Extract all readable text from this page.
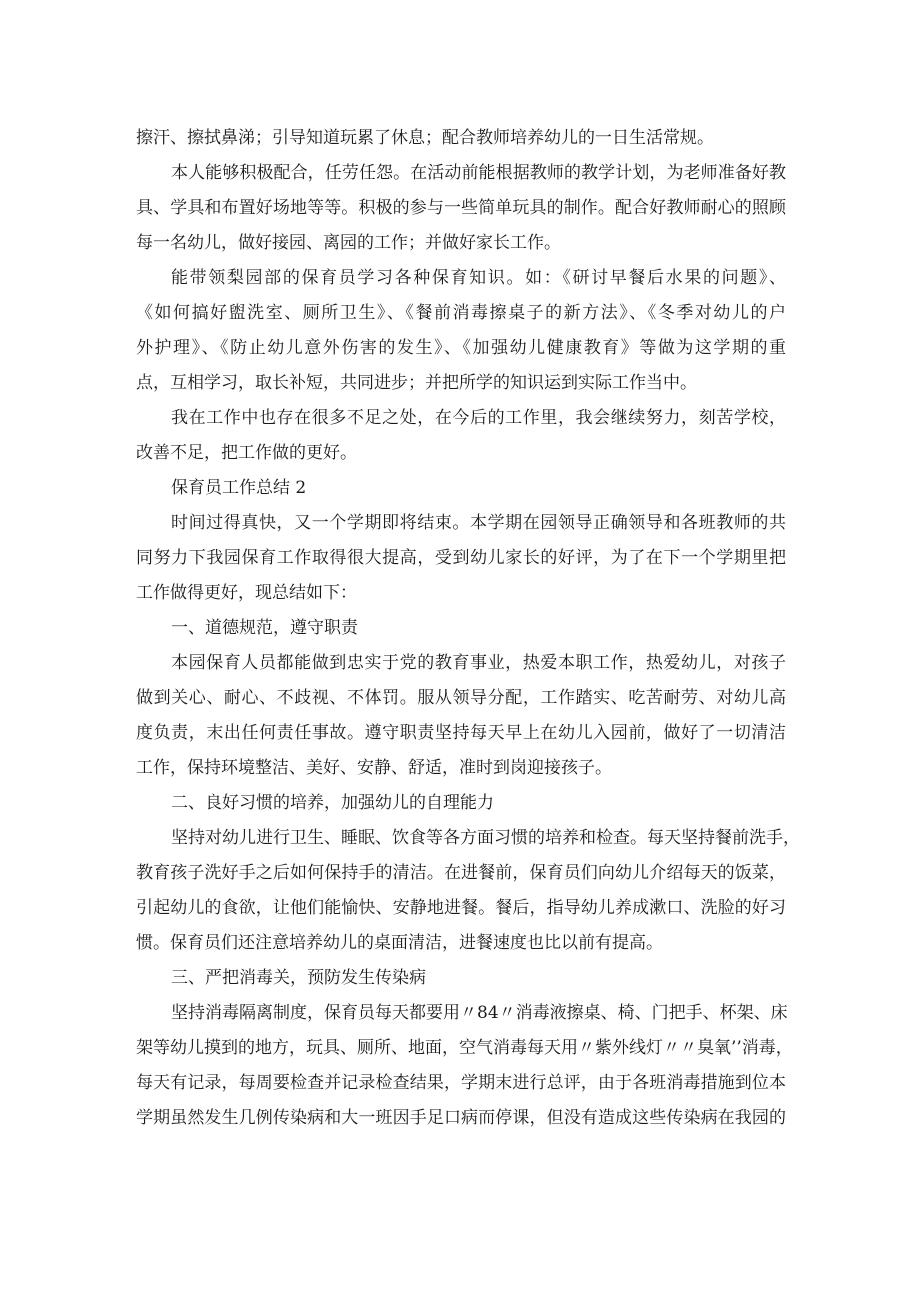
擦汗、擦拭鼻涕；引导知道玩累了休息；配合教师培养幼儿的一日生活常规。
本人能够积极配合，任劳任怨。在活动前能根据教师的教学计划，为老师准备好教
具、学具和布置好场地等等。积极的参与一些简单玩具的制作。配合好教师耐心的照顾
每一名幼儿，做好接园、离园的工作；并做好家长工作。
能带领梨园部的保育员学习各种保育知识。如：《研讨早餐后水果的问题》、
《如何搞好盥洗室、厕所卫生》、《餐前消毒擦桌子的新方法》、《冬季对幼儿的户
外护理》、《防止幼儿意外伤害的发生》、《加强幼儿健康教育》等做为这学期的重
点，互相学习，取长补短，共同进步；并把所学的知识运到实际工作当中。
我在工作中也存在很多不足之处，在今后的工作里，我会继续努力，刻苦学校，
改善不足，把工作做的更好。
保育员工作总结 2
时间过得真快，又一个学期即将结束。本学期在园领导正确领导和各班教师的共
同努力下我园保育工作取得很大提高，受到幼儿家长的好评，为了在下一个学期里把
工作做得更好，现总结如下：
一、道德规范，遵守职责
本园保育人员都能做到忠实于党的教育事业，热爱本职工作，热爱幼儿，对孩子
做到关心、耐心、不歧视、不体罚。服从领导分配，工作踏实、吃苦耐劳、对幼儿高
度负责，末出任何责任事故。遵守职责坚持每天早上在幼儿入园前，做好了一切清洁
工作，保持环境整洁、美好、安静、舒适，准时到岗迎接孩子。
二、良好习惯的培养，加强幼儿的自理能力
坚持对幼儿进行卫生、睡眠、饮食等各方面习惯的培养和检查。每天坚持餐前洗手，
教育孩子洗好手之后如何保持手的清洁。在进餐前，保育员们向幼儿介绍每天的饭菜，
引起幼儿的食欲，让他们能愉快、安静地进餐。餐后，指导幼儿养成漱口、洗脸的好习
惯。保育员们还注意培养幼儿的桌面清洁，进餐速度也比以前有提高。
三、严把消毒关，预防发生传染病
坚持消毒隔离制度，保育员每天都要用〃84〃消毒液擦桌、椅、门把手、杯架、床
架等幼儿摸到的地方，玩具、厕所、地面，空气消毒每天用〃紫外线灯〃〃臭氧’’消毒，
每天有记录，每周要检查并记录检查结果，学期末进行总评，由于各班消毒措施到位本
学期虽然发生几例传染病和大一班因手足口病而停课，但没有造成这些传染病在我园的
